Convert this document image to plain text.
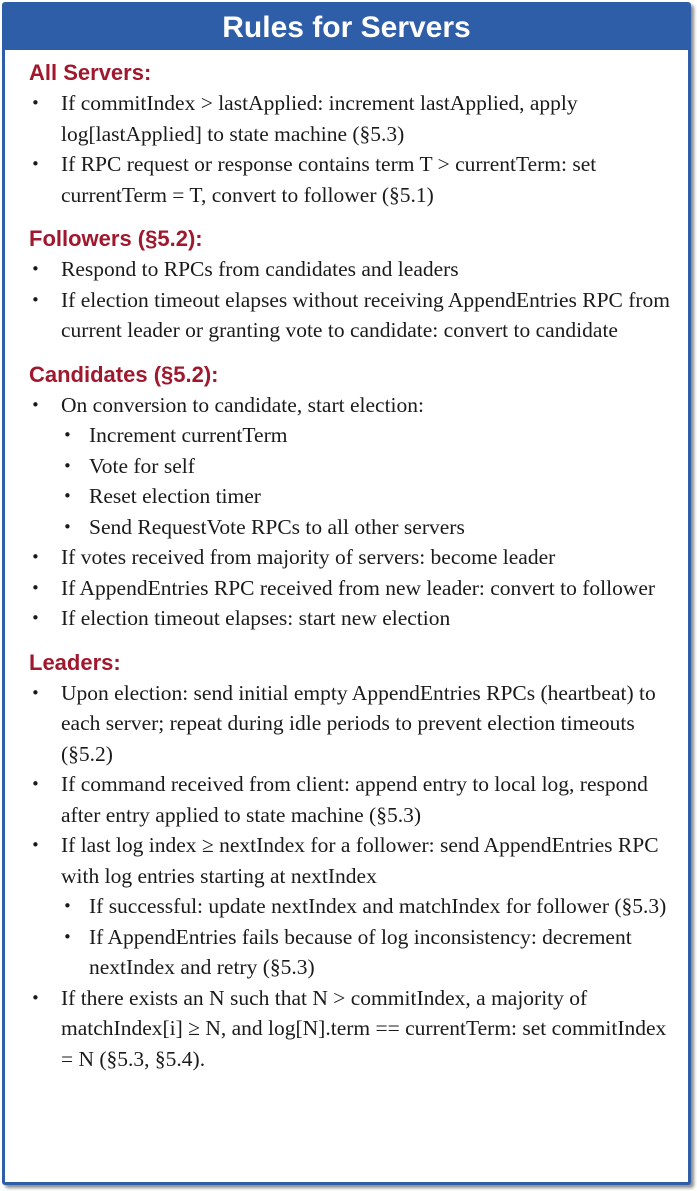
Rules for Servers
All Servers:
• If commitIndex > lastApplied: increment lastApplied, apply log[lastApplied] to state machine (§5.3)
• If RPC request or response contains term T > currentTerm: set currentTerm = T, convert to follower (§5.1)
Followers (§5.2):
• Respond to RPCs from candidates and leaders
• If election timeout elapses without receiving AppendEntries RPC from current leader or granting vote to candidate: convert to candidate
Candidates (§5.2):
• On conversion to candidate, start election:
• Increment currentTerm
• Vote for self
• Reset election timer
• Send RequestVote RPCs to all other servers
• If votes received from majority of servers: become leader
• If AppendEntries RPC received from new leader: convert to follower
• If election timeout elapses: start new election
Leaders:
• Upon election: send initial empty AppendEntries RPCs (heartbeat) to each server; repeat during idle periods to prevent election timeouts (§5.2)
• If command received from client: append entry to local log, respond after entry applied to state machine (§5.3)
• If last log index ≥ nextIndex for a follower: send AppendEntries RPC with log entries starting at nextIndex
• If successful: update nextIndex and matchIndex for follower (§5.3)
• If AppendEntries fails because of log inconsistency: decrement nextIndex and retry (§5.3)
• If there exists an N such that N > commitIndex, a majority of matchIndex[i] ≥ N, and log[N].term == currentTerm: set commitIndex = N (§5.3, §5.4).
